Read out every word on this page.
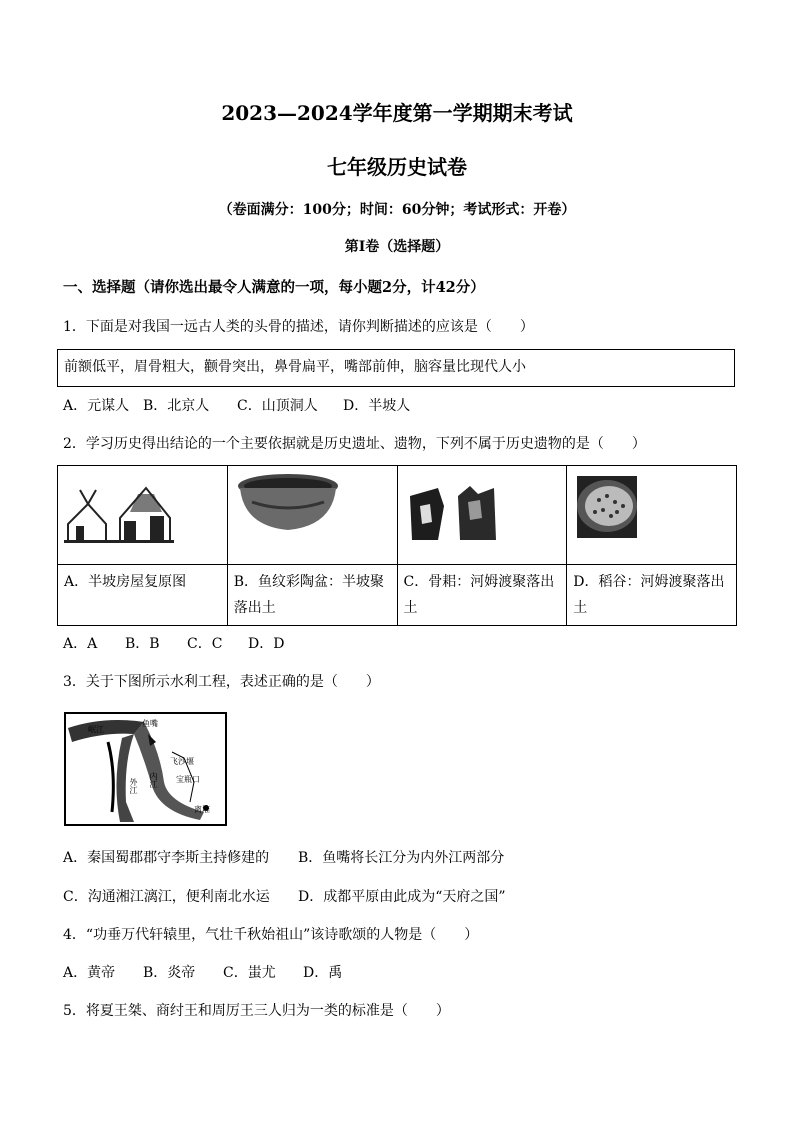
2023—2024学年度第一学期期末考试
七年级历史试卷
（卷面满分：100分；时间：60分钟；考试形式：开卷）
第Ⅰ卷（选择题）
一、选择题（请你选出最令人满意的一项，每小题2分，计42分）
1．下面是对我国一远古人类的头骨的描述，请你判断描述的应该是（　　）
前额低平，眉骨粗大，颧骨突出，鼻骨扁平，嘴部前伸，脑容量比现代人小
A．元谋人 B．北京人 C．山顶洞人 D．半坡人
2．学习历史得出结论的一个主要依据就是历史遗址、遗物，下列不属于历史遗物的是（　　）

A．半坡房屋复原图	B．鱼纹彩陶盆：半坡聚落出土	C．骨耜：河姆渡聚落出土	D．稻谷：河姆渡聚落出土
A．A B．B C．C D．D
3．关于下图所示水利工程，表述正确的是（　　）
鱼嘴
飞沙堰
宝瓶口
离堆
内江
外江
岷江
A．秦国蜀郡郡守李斯主持修建的 B．鱼嘴将长江分为内外江两部分
C．沟通湘江漓江，便利南北水运 D．成都平原由此成为“天府之国”
4．“功垂万代轩辕里，气壮千秋始祖山”该诗歌颂的人物是（　　）
A．黄帝 B．炎帝 C．蚩尤 D．禹
5．将夏王桀、商纣王和周厉王三人归为一类的标准是（　　）
